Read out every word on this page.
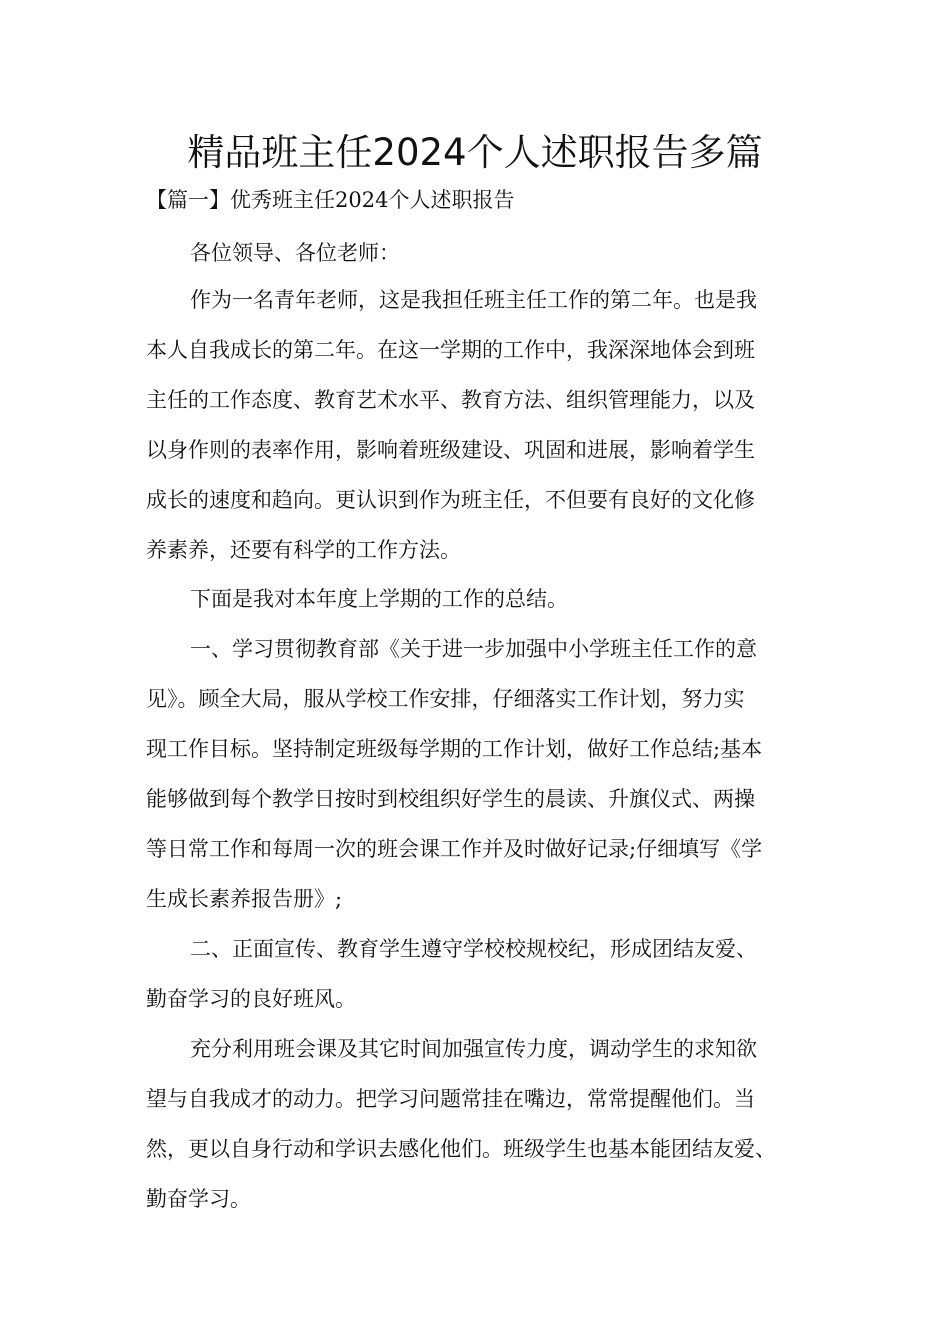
精品班主任2024个人述职报告多篇
【篇一】优秀班主任2024个人述职报告
各位领导、各位老师：
作为一名青年老师，这是我担任班主任工作的第二年。也是我
本人自我成长的第二年。在这一学期的工作中，我深深地体会到班
主任的工作态度、教育艺术水平、教育方法、组织管理能力，以及
以身作则的表率作用，影响着班级建设、巩固和进展，影响着学生
成长的速度和趋向。更认识到作为班主任，不但要有良好的文化修
养素养，还要有科学的工作方法。
下面是我对本年度上学期的工作的总结。
一、学习贯彻教育部《关于进一步加强中小学班主任工作的意
见》。顾全大局，服从学校工作安排，仔细落实工作计划，努力实
现工作目标。坚持制定班级每学期的工作计划，做好工作总结;基本
能够做到每个教学日按时到校组织好学生的晨读、升旗仪式、两操
等日常工作和每周一次的班会课工作并及时做好记录;仔细填写《学
生成长素养报告册》;
二、正面宣传、教育学生遵守学校校规校纪，形成团结友爱、
勤奋学习的良好班风。
充分利用班会课及其它时间加强宣传力度，调动学生的求知欲
望与自我成才的动力。把学习问题常挂在嘴边，常常提醒他们。当
然，更以自身行动和学识去感化他们。班级学生也基本能团结友爱、
勤奋学习。
